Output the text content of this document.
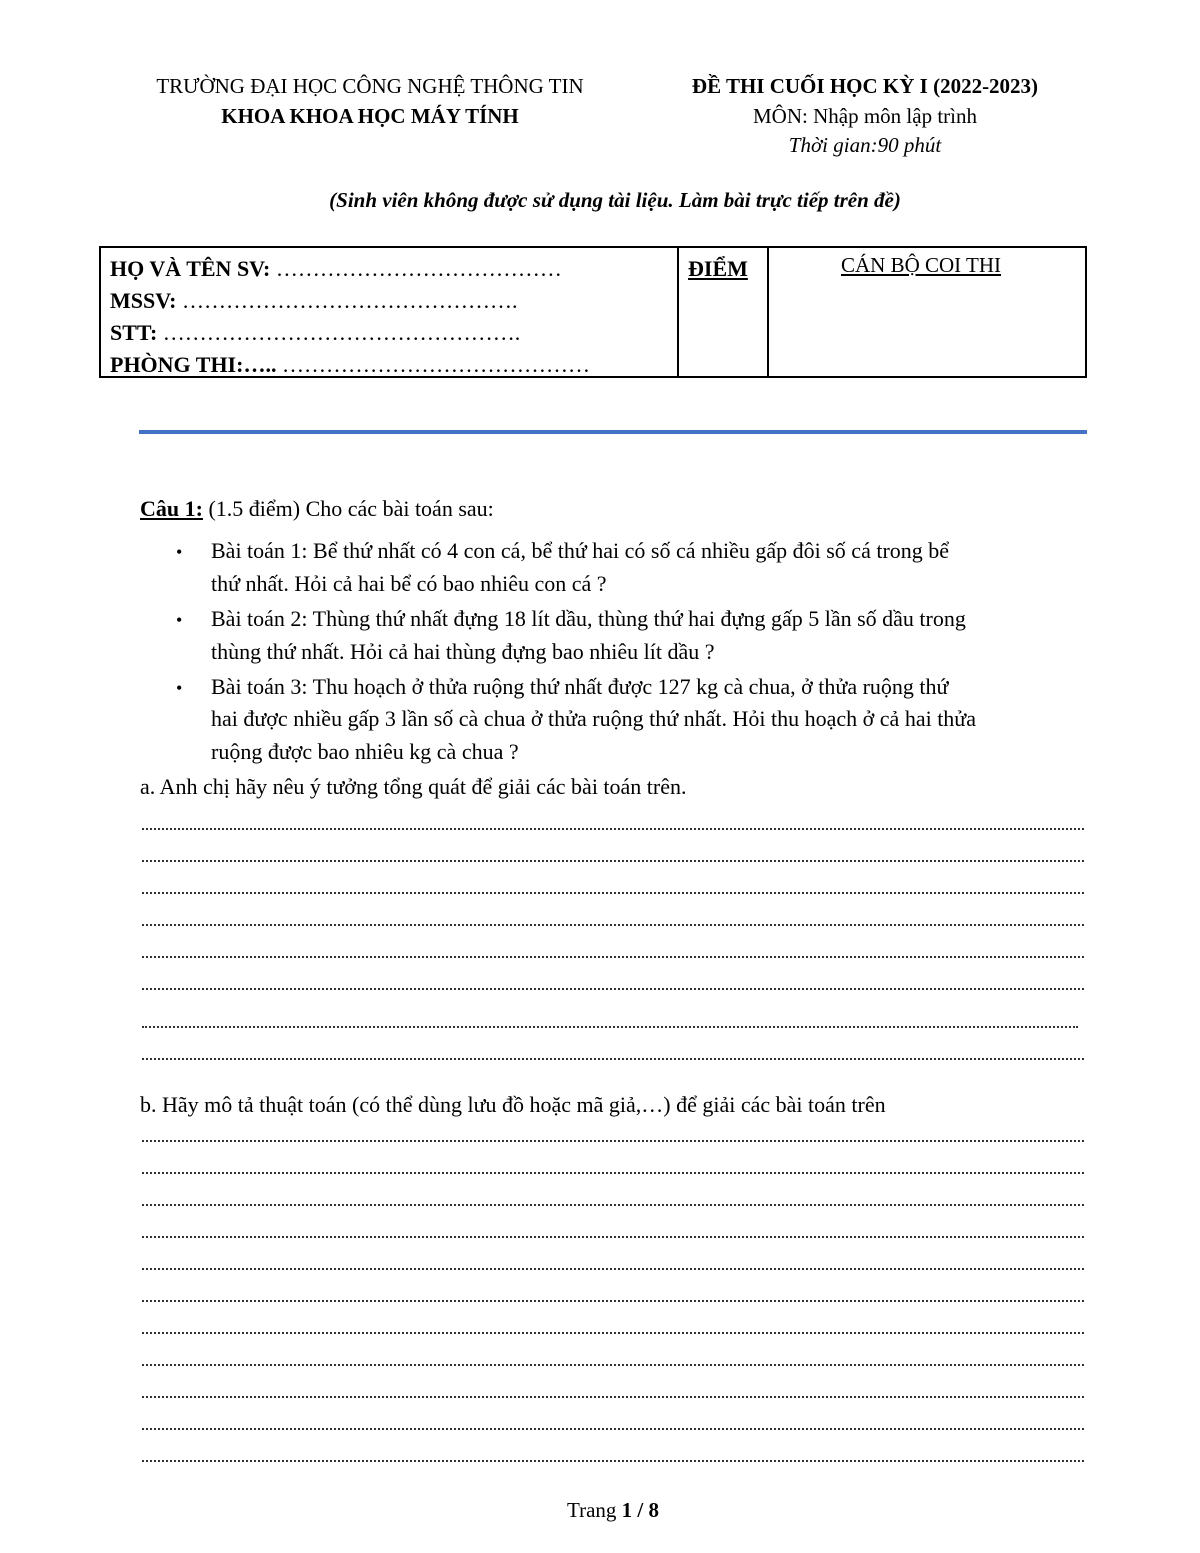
TRƯỜNG ĐẠI HỌC CÔNG NGHỆ THÔNG TIN
KHOA KHOA HỌC MÁY TÍNH
ĐỀ THI CUỐI HỌC KỲ I (2022-2023)
MÔN: Nhập môn lập trình
Thời gian:90 phút
(Sinh viên không được sử dụng tài liệu. Làm bài trực tiếp trên đề)
HỌ VÀ TÊN SV: …………………………………
MSSV: ……………………………………….
STT: ………………………………………….
PHÒNG THI:….. ……………………………………
ĐIỂM	CÁN BỘ COI THI
Câu 1: (1.5 điểm) Cho các bài toán sau:
• Bài toán 1: Bể thứ nhất có 4 con cá, bể thứ hai có số cá nhiều gấp đôi số cá trong bể
thứ nhất. Hỏi cả hai bể có bao nhiêu con cá ?
• Bài toán 2: Thùng thứ nhất đựng 18 lít dầu, thùng thứ hai đựng gấp 5 lần số dầu trong
thùng thứ nhất. Hỏi cả hai thùng đựng bao nhiêu lít dầu ?
• Bài toán 3: Thu hoạch ở thửa ruộng thứ nhất được 127 kg cà chua, ở thửa ruộng thứ
hai được nhiều gấp 3 lần số cà chua ở thửa ruộng thứ nhất. Hỏi thu hoạch ở cả hai thửa
ruộng được bao nhiêu kg cà chua ?
a. Anh chị hãy nêu ý tưởng tổng quát để giải các bài toán trên.
b. Hãy mô tả thuật toán (có thể dùng lưu đồ hoặc mã giả,…) để giải các bài toán trên
Trang 1 / 8
